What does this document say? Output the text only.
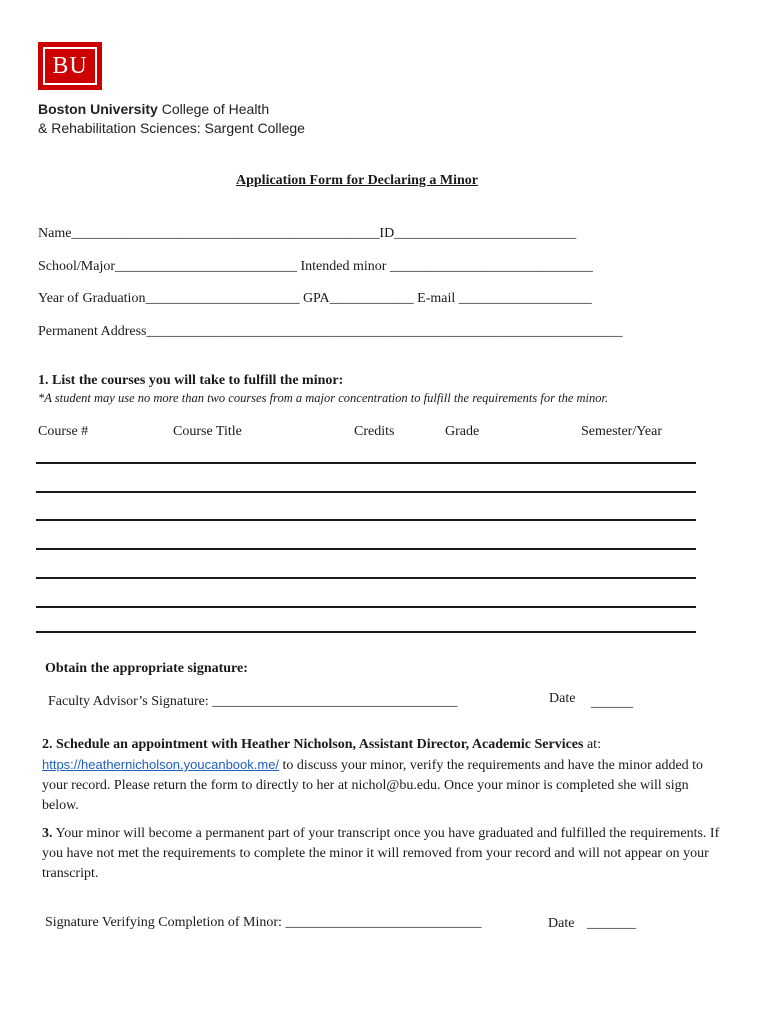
BU
Boston University College of Health
& Rehabilitation Sciences: Sargent College
Application Form for Declaring a Minor
Name____________________________________________ID__________________________
School/Major__________________________ Intended minor _____________________________
Year of Graduation______________________ GPA____________ E-mail ___________________
Permanent Address____________________________________________________________________
1. List the courses you will take to fulfill the minor:
*A student may use no more than two courses from a major concentration to fulfill the requirements for the minor.
Course #	Course Title	Credits	Grade	Semester/Year
Obtain the appropriate signature:
Faculty Advisor’s Signature: ___________________________________	Date ______
2. Schedule an appointment with Heather Nicholson, Assistant Director, Academic Services at:
https://heathernicholson.youcanbook.me/ to discuss your minor, verify the requirements and have the minor added to your record. Please return the form to directly to her at nichol@bu.edu. Once your minor is completed she will sign below.
3. Your minor will become a permanent part of your transcript once you have graduated and fulfilled the requirements. If you have not met the requirements to complete the minor it will removed from your record and will not appear on your transcript.
Signature Verifying Completion of Minor: ____________________________	Date _______
